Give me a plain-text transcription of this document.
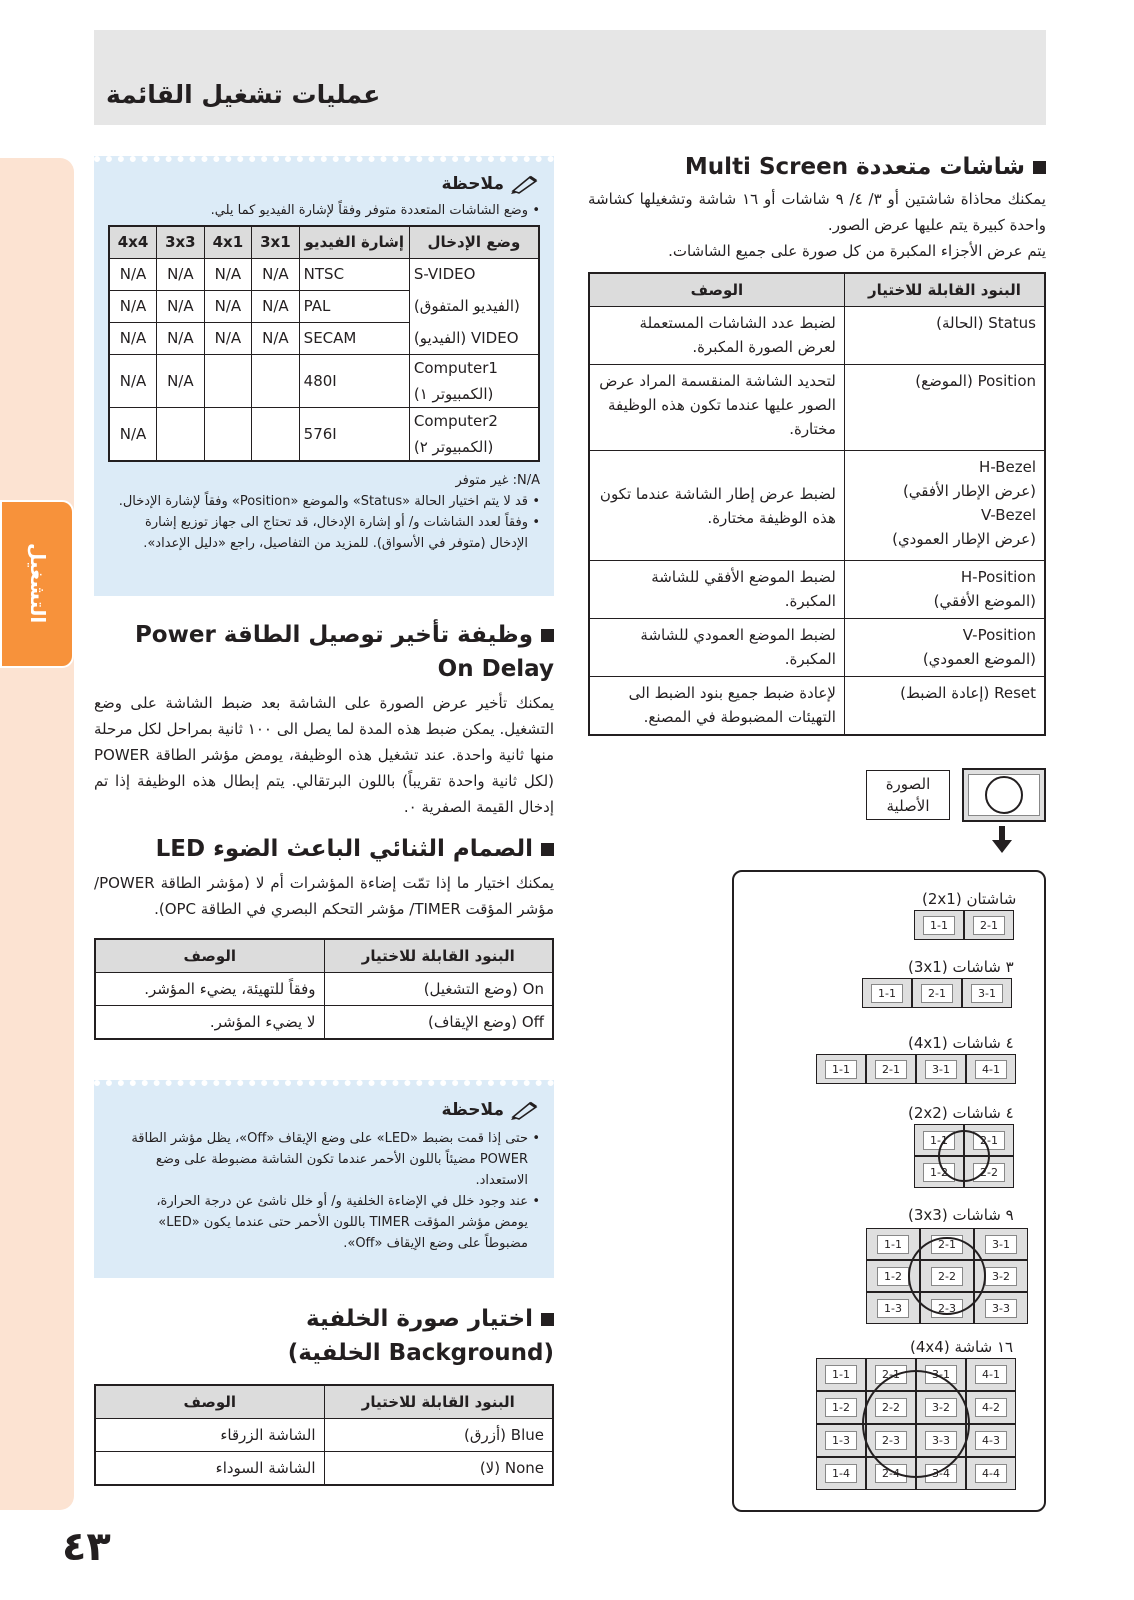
عمليات تشغيل القائمة
التشغيل
ملاحظة
• وضع الشاشات المتعددة متوفر وفقاً لإشارة الفيديو كما يلي.
وضع الإدخال	إشارة الفيديو	3x1	4x1	3x3	4x4
S-VIDEO	NTSC	N/A	N/A	N/A	N/A
(الفيديو المتفوق)	PAL	N/A	N/A	N/A	N/A
VIDEO (الفيديو)	SECAM	N/A	N/A	N/A	N/A

Computer1
(الكمبيوتر ١)	480I			N/A	N/A

Computer2
(الكمبيوتر ٢)	576I				N/A
N/A: غير متوفر
• قد لا يتم اختيار الحالة «Status» والموضع «Position» وفقاً لإشارة الإدخال.
• وفقاً لعدد الشاشات و/ أو إشارة الإدخال، قد تحتاج الى جهاز توزيع إشارة الإدخال (متوفر في الأسواق). للمزيد من التفاصيل، راجع «دليل الإعداد».
وظيفة تأخير توصيل الطاقة Power On Delay
يمكنك تأخير عرض الصورة على الشاشة بعد ضبط الشاشة على وضع التشغيل. يمكن ضبط هذه المدة لما يصل الى ١٠٠ ثانية بمراحل لكل مرحلة منها ثانية واحدة. عند تشغيل هذه الوظيفة، يومض مؤشر الطاقة POWER (لكل ثانية واحدة تقريباً) باللون البرتقالي. يتم إبطال هذه الوظيفة إذا تم إدخال القيمة الصفرية ٠.
الصمام الثنائي الباعث الضوء LED
يمكنك اختيار ما إذا تمّت إضاءة المؤشرات أم لا (مؤشر الطاقة POWER/ مؤشر المؤقت TIMER/ مؤشر التحكم البصري في الطاقة OPC).
البنود القابلة للاختيار	الوصف
On (وضع التشغيل)	وفقاً للتهيئة، يضيء المؤشر.
Off (وضع الإيقاف)	لا يضيء المؤشر.
ملاحظة
• حتى إذا قمت بضبط «LED» على وضع الإيقاف «Off»، يظل مؤشر الطاقة POWER مضيئاً باللون الأحمر عندما تكون الشاشة مضبوطة على وضع الاستعداد.
• عند وجود خلل في الإضاءة الخلفية و/ أو خلل ناشئ عن درجة الحرارة، يومض مؤشر المؤقت TIMER باللون الأحمر حتى عندما يكون «LED» مضبوطاً على وضع الإيقاف «Off».
اختيار صورة الخلفية
(Background الخلفية)
البنود القابلة للاختيار	الوصف
Blue (أزرق)	الشاشة الزرقاء
None (لا)	الشاشة السوداء
شاشات متعددة Multi Screen
يمكنك محاذاة شاشتين أو ٣/ ٤/ ٩ شاشات أو ١٦ شاشة وتشغيلها كشاشة واحدة كبيرة يتم عليها عرض الصور.
يتم عرض الأجزاء المكبرة من كل صورة على جميع الشاشات.
البنود القابلة للاختيار	الوصف
Status (الحالة)	لضبط عدد الشاشات المستعملة لعرض الصورة المكبرة.
Position (الموضع)	لتحديد الشاشة المنقسمة المراد عرض الصور عليها عندما تكون هذه الوظيفة مختارة.

H-Bezel
(عرض الإطار الأفقي)
V-Bezel
(عرض الإطار العمودي)	لضبط عرض إطار الشاشة عندما تكون هذه الوظيفة مختارة.

H-Position
(الموضع الأفقي)	لضبط الموضع الأفقي للشاشة المكبرة.

V-Position
(الموضع العمودي)	لضبط الموضع العمودي للشاشة المكبرة.
Reset (إعادة الضبط)	لإعادة ضبط جميع بنود الضبط الى التهيئات المضبوطة في المصنع.
الصورة الأصلية
شاشتان (2x1)
٣ شاشات (3x1)
٤ شاشات (4x1)
٤ شاشات (2x2)
٩ شاشات (3x3)
١٦ شاشة (4x4)
1-1	2-1
1-1	2-1	3-1
1-1	2-1	3-1	4-1
1-1	2-1
1-2	2-2
1-1	2-1	3-1
1-2	2-2	3-2
1-3	2-3	3-3
1-1	2-1	3-1	4-1
1-2	2-2	3-2	4-2
1-3	2-3	3-3	4-3
1-4	2-4	3-4	4-4
٤٣
